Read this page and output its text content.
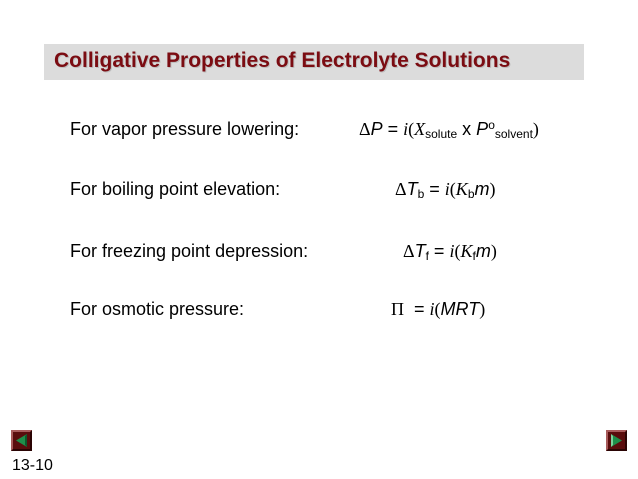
Colligative Properties of Electrolyte Solutions
For vapor pressure lowering:	$\Delta P = i(X_{solute}$ x $P^o_{solvent}$)
For boiling point elevation:	$\Delta T_b = i(K_bm)$
For freezing point depression:	$\Delta T_f = i(K_fm)$
For osmotic pressure:	Π  = i(MRT)
13-10
